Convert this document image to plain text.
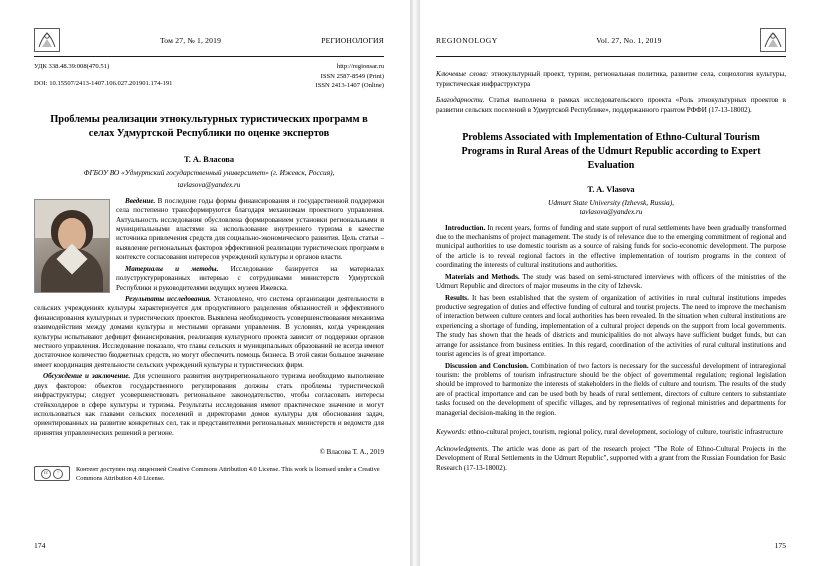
Том 27, № 1, 2019	РЕГИОНОЛОГИЯ
УДК 338.48.39:008(470.51)
DOI: 10.15507/2413-1407.106.027.201901.174-191
http://regionsar.ru
ISSN 2587-8549 (Print)
ISSN 2413-1407 (Online)
Проблемы реализации этнокультурных туристических программ в селах Удмуртской Республики по оценке экспертов
Т. А. Власова
ФГБОУ ВО «Удмуртский государственный университет» (г. Ижевск, Россия),
tavlasova@yandex.ru

Введение. В последние годы формы финансирования и государственной поддержки села постепенно трансформируются благодаря механизмам проектного управления. Актуальность исследования обусловлена формированием установки региональными и муниципальными властями на использование внутреннего туризма в качестве источника привлечения средств для социально-экономического развития. Цель статьи – выявление региональных факторов эффективной реализации туристических программ в контексте согласования интересов учреждений культуры и органов власти.

Материалы и методы. Исследование базируется на материалах полуструктурированных интервью с сотрудниками министерств Удмуртской Республики и руководителями ведущих музеев Ижевска.

Результаты исследования. Установлено, что система организации деятельности в сельских учреждениях культуры характеризуется для продуктивного разделения обязанностей и эффективного финансирования культурных и туристических проектов. Выявлена необходимость усовершенствования механизма взаимодействия между домами культуры и местными органами управления. В условиях, когда учреждения культуры испытывают дефицит финансирования, реализация культурного проекта зависит от поддержки органов местного управления. Исследование показало, что главы сельских и муниципальных образований не всегда имеют достаточное количество бюджетных средств, но могут обеспечить помощь бизнеса. В этой связи большое значение имеет координация деятельности сельских учреждений культуры и туристических фирм.

Обсуждение и заключение. Для успешного развития внутрирегионального туризма необходимо выполнение двух факторов: объектов государственного регулирования должны стать проблемы туристической инфраструктуры; следует усовершенствовать региональное законодательство, чтобы согласовать интересы стейкхолдеров в сфере культуры и туризма. Результаты исследования имеют практическое значение и могут использоваться как главами сельских поселений и директорами домов культуры для обоснования задач, ориентированных на развитие конкретных сел, так и представителями региональных министерств и ведомств для принятия управленческих решений в регионе.

© Власова Т. А., 2019
cc	↑	Контент доступен под лицензией Creative Commons Attribution 4.0 License. This work is licensed under a Creative Commons Attribution 4.0 License.
174
REGIONOLOGY	Vol. 27, No. 1, 2019
Ключевые слова: этнокультурный проект, туризм, региональная политика, развитие села, социология культуры, туристическая инфраструктура
Благодарности. Статья выполнена в рамках исследовательского проекта «Роль этнокультурных проектов в развитии сельских поселений в Удмуртской Республике», поддержанного грантом РФФИ (17-13-18002).
Problems Associated with Implementation of Ethno-Cultural Tourism Programs in Rural Areas of the Udmurt Republic according to Expert Evaluation
T. A. Vlasova
Udmurt State University (Izhevsk, Russia),
tavlasova@yandex.ru

Introduction. In recent years, forms of funding and state support of rural settlements have been gradually transformed due to the mechanisms of project management. The study is of relevance due to the emerging commitment of regional and municipal authorities to use domestic tourism as a source of raising funds for socio-economic development. The purpose of the article is to reveal regional factors in the effective implementation of tourism programs in the context of coordinating the interests of cultural institutions and authorities.

Materials and Methods. The study was based on semi-structured interviews with officers of the ministries of the Udmurt Republic and directors of major museums in the city of Izhevsk.

Results. It has been established that the system of organization of activities in rural cultural institutions impedes productive segregation of duties and effective funding of cultural and tourist projects. The need to improve the mechanism of interaction between culture centers and local authorities has been revealed. In the situation when cultural institutions are experiencing a shortage of funding, implementation of a cultural project depends on the support from local governments. The study has shown that the heads of districts and municipalities do not always have sufficient budget funds, but can arrange for assistance from business entities. In this regard, coordination of the activities of rural cultural institutions and tourist agencies is of great importance.

Discussion and Conclusion. Combination of two factors is necessary for the successful development of intraregional tourism: the problems of tourism infrastructure should be the object of governmental regulation; regional legislation should be improved to harmonize the interests of stakeholders in the fields of culture and tourism. The results of the study are of practical importance and can be used both by heads of rural settlement, directors of culture centers to substantiate tasks focused on the development of specific villages, and by representatives of regional ministries and departments for managerial decision-making in the region.

Keywords: ethno-cultural project, tourism, regional policy, rural development, sociology of culture, touristic infrastructure
Acknowledgments. The article was done as part of the research project "The Role of Ethno-Cultural Projects in the Development of Rural Settlements in the Udmurt Republic", supported with a grant from the Russian Foundation for Basic Research (17-13-18002).
175
